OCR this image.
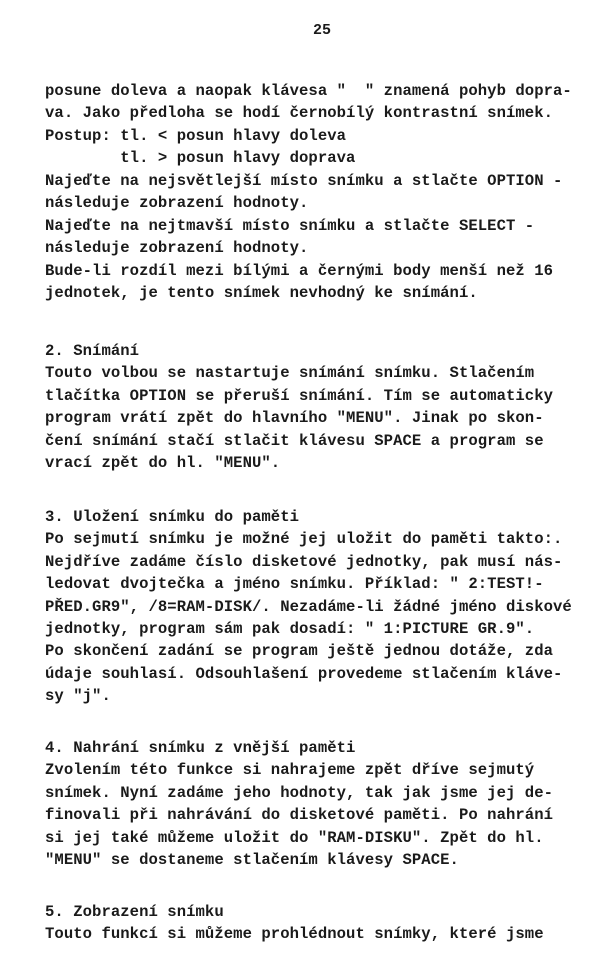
25
posune doleva a naopak klávesa "  " znamená pohyb dopra-
va. Jako předloha se hodí černobílý kontrastní snímek.
Postup: tl. < posun hlavy doleva
tl. > posun hlavy doprava
Najeďte na nejsvětlejší místo snímku a stlačte OPTION -
následuje zobrazení hodnoty.
Najeďte na nejtmavší místo snímku a stlačte SELECT -
následuje zobrazení hodnoty.
Bude-li rozdíl mezi bílými a černými body menší než 16
jednotek, je tento snímek nevhodný ke snímání.
2. Snímání
Touto volbou se nastartuje snímání snímku. Stlačením
tlačítka OPTION se přeruší snímání. Tím se automaticky
program vrátí zpět do hlavního "MENU". Jinak po skon-
čení snímání stačí stlačit klávesu SPACE a program se
vrací zpět do hl. "MENU".
3. Uložení snímku do paměti
Po sejmutí snímku je možné jej uložit do paměti takto:.
Nejdříve zadáme číslo disketové jednotky, pak musí nás-
ledovat dvojtečka a jméno snímku. Příklad: " 2:TEST!-
PŘED.GR9", /8=RAM-DISK/. Nezadáme-li žádné jméno diskové
jednotky, program sám pak dosadí: " 1:PICTURE GR.9".
Po skončení zadání se program ještě jednou dotáže, zda
údaje souhlasí. Odsouhlašení provedeme stlačením kláve-
sy "j".
4. Nahrání snímku z vnější paměti
Zvolením této funkce si nahrajeme zpět dříve sejmutý
snímek. Nyní zadáme jeho hodnoty, tak jak jsme jej de-
finovali při nahrávání do disketové paměti. Po nahrání
si jej také můžeme uložit do "RAM-DISKU". Zpět do hl.
"MENU" se dostaneme stlačením klávesy SPACE.
5. Zobrazení snímku
Touto funkcí si můžeme prohlédnout snímky, které jsme
